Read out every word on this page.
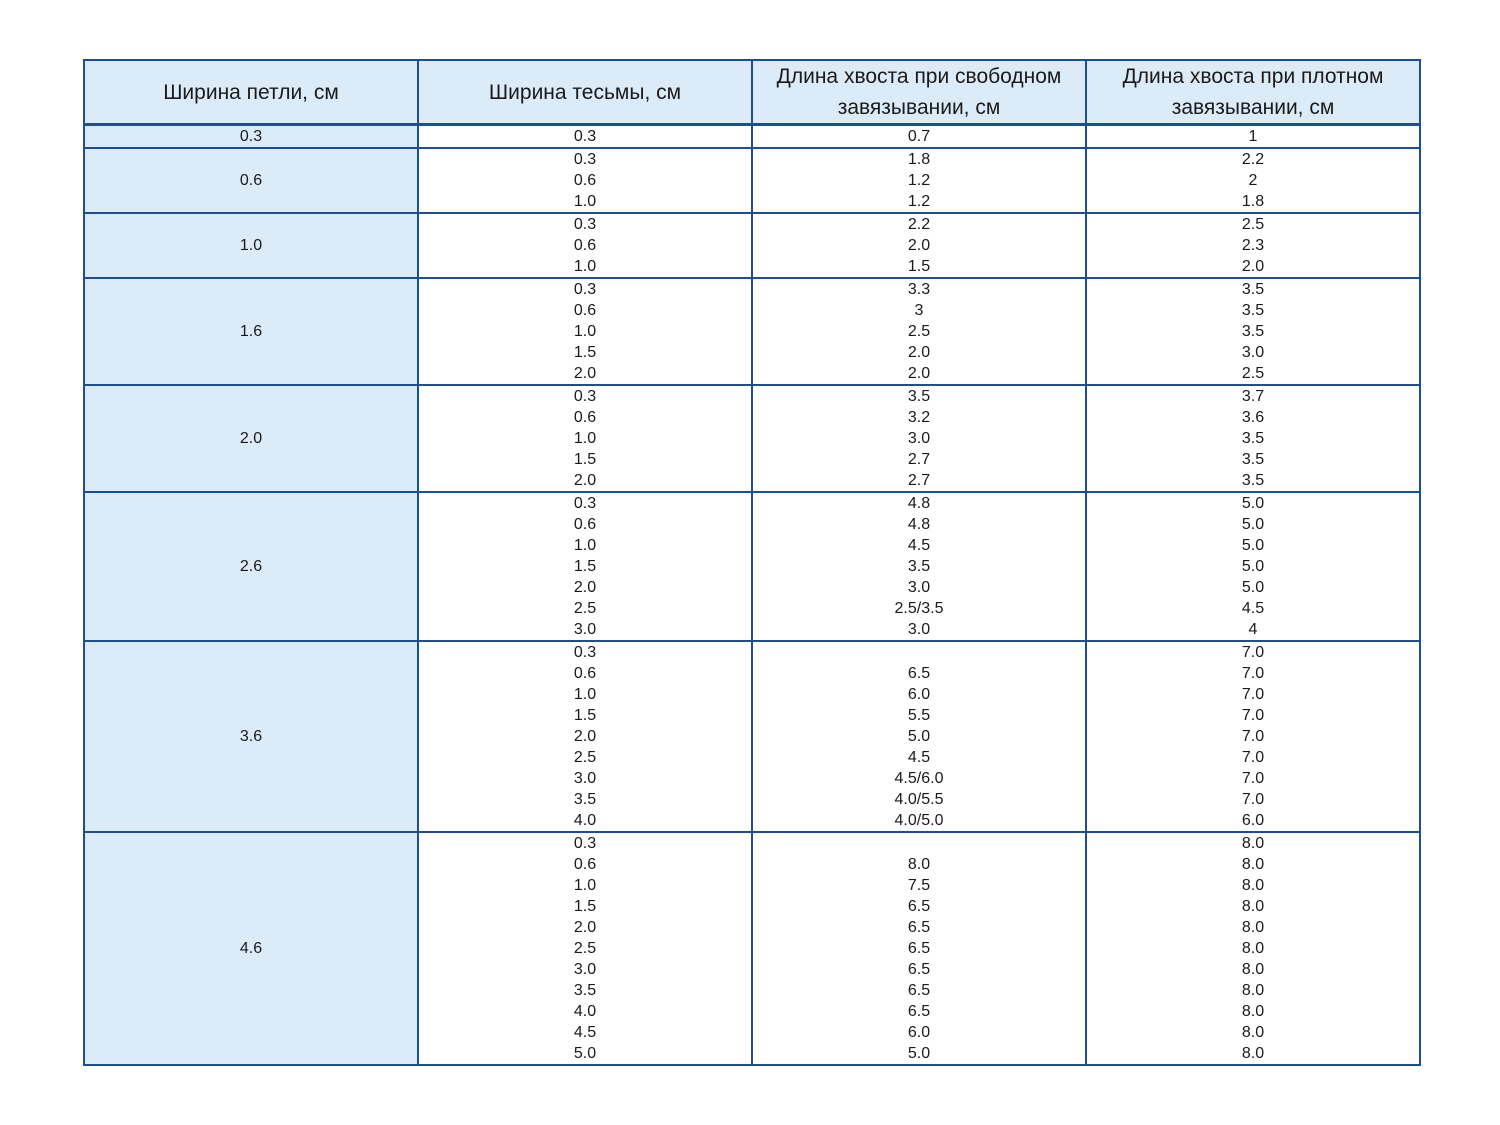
Ширина петли, см	Ширина тесьмы, см	Длина хвоста при свободном завязывании, см	Длина хвоста при плотном завязывании, см
0.3	0.3	0.7	1
0.6	0.3	1.8	2.2
	0.6	1.2	2
	1.0	1.2	1.8
1.0	0.3	2.2	2.5
	0.6	2.0	2.3
	1.0	1.5	2.0
1.6	0.3	3.3	3.5
	0.6	3	3.5
	1.0	2.5	3.5
	1.5	2.0	3.0
	2.0	2.0	2.5
2.0	0.3	3.5	3.7
	0.6	3.2	3.6
	1.0	3.0	3.5
	1.5	2.7	3.5
	2.0	2.7	3.5
2.6	0.3	4.8	5.0
	0.6	4.8	5.0
	1.0	4.5	5.0
	1.5	3.5	5.0
	2.0	3.0	5.0
	2.5	2.5/3.5	4.5
	3.0	3.0	4
3.6	0.3		7.0
	0.6	6.5	7.0
	1.0	6.0	7.0
	1.5	5.5	7.0
	2.0	5.0	7.0
	2.5	4.5	7.0
	3.0	4.5/6.0	7.0
	3.5	4.0/5.5	7.0
	4.0	4.0/5.0	6.0
4.6	0.3		8.0
	0.6	8.0	8.0
	1.0	7.5	8.0
	1.5	6.5	8.0
	2.0	6.5	8.0
	2.5	6.5	8.0
	3.0	6.5	8.0
	3.5	6.5	8.0
	4.0	6.5	8.0
	4.5	6.0	8.0
	5.0	5.0	8.0
